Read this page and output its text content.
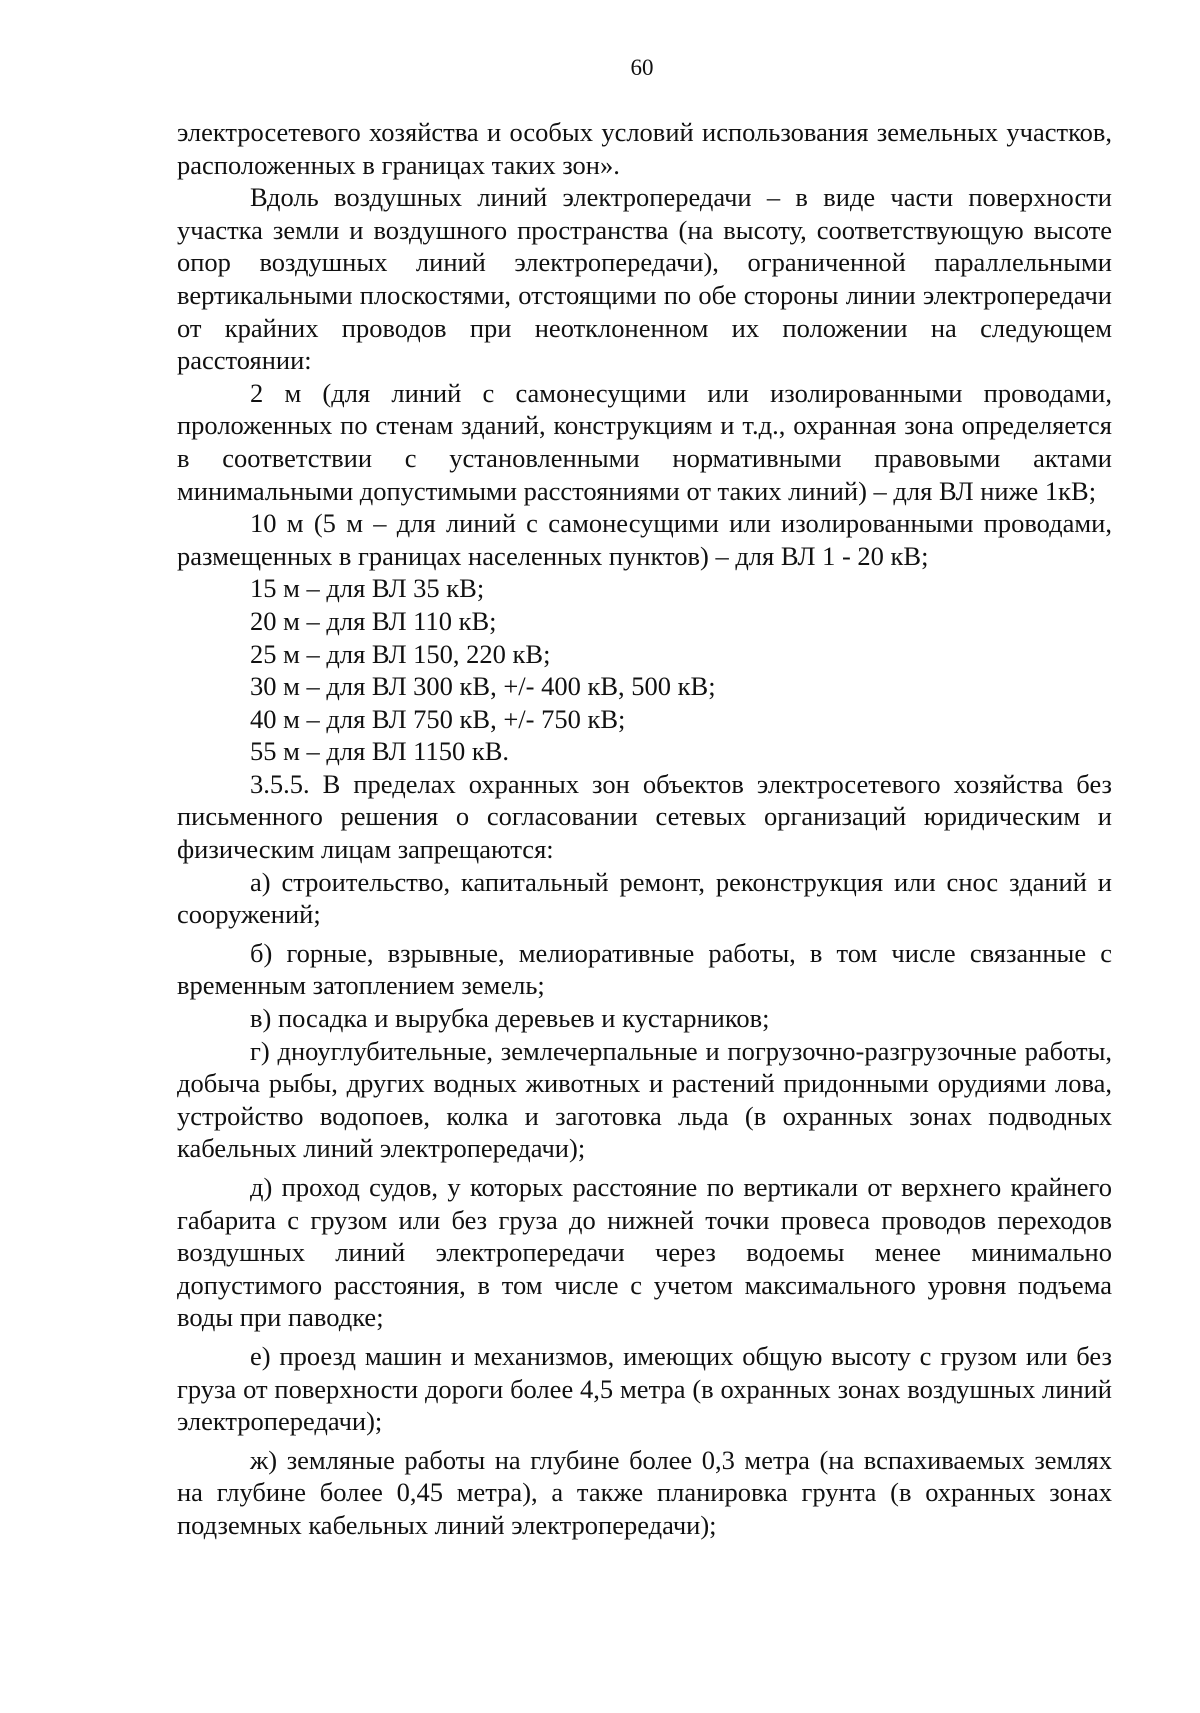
60

электросетевого хозяйства и особых условий использования земельных участков, расположенных в границах таких зон».

Вдоль воздушных линий электропередачи – в виде части поверхности участка земли и воздушного пространства (на высоту, соответствующую высоте опор воздушных линий электропередачи), ограниченной параллельными вертикальными плоскостями, отстоящими по обе стороны линии электропередачи от крайних проводов при неотклоненном их положении на следующем расстоянии:

2 м (для линий с самонесущими или изолированными проводами, проложенных по стенам зданий, конструкциям и т.д., охранная зона определяется в соответствии с установленными нормативными правовыми актами минимальными допустимыми расстояниями от таких линий) – для ВЛ ниже 1кВ;

10 м (5 м – для линий с самонесущими или изолированными проводами, размещенных в границах населенных пунктов) – для ВЛ 1 - 20 кВ;

15 м – для ВЛ 35 кВ;

20 м – для ВЛ 110 кВ;

25 м – для ВЛ 150, 220 кВ;

30 м – для ВЛ 300 кВ, +/- 400 кВ, 500 кВ;

40 м – для ВЛ 750 кВ, +/- 750 кВ;

55 м – для ВЛ 1150 кВ.

3.5.5. В пределах охранных зон объектов электросетевого хозяйства без письменного решения о согласовании сетевых организаций юридическим и физическим лицам запрещаются:

а) строительство, капитальный ремонт, реконструкция или снос зданий и сооружений;

б) горные, взрывные, мелиоративные работы, в том числе связанные с временным затоплением земель;

в) посадка и вырубка деревьев и кустарников;

г) дноуглубительные, землечерпальные и погрузочно-разгрузочные работы, добыча рыбы, других водных животных и растений придонными орудиями лова, устройство водопоев, колка и заготовка льда (в охранных зонах подводных кабельных линий электропередачи);

д) проход судов, у которых расстояние по вертикали от верхнего крайнего габарита с грузом или без груза до нижней точки провеса проводов переходов воздушных линий электропередачи через водоемы менее минимально допустимого расстояния, в том числе с учетом максимального уровня подъема воды при паводке;

е) проезд машин и механизмов, имеющих общую высоту с грузом или без груза от поверхности дороги более 4,5 метра (в охранных зонах воздушных линий электропередачи);

ж) земляные работы на глубине более 0,3 метра (на вспахиваемых землях на глубине более 0,45 метра), а также планировка грунта (в охранных зонах подземных кабельных линий электропередачи);
